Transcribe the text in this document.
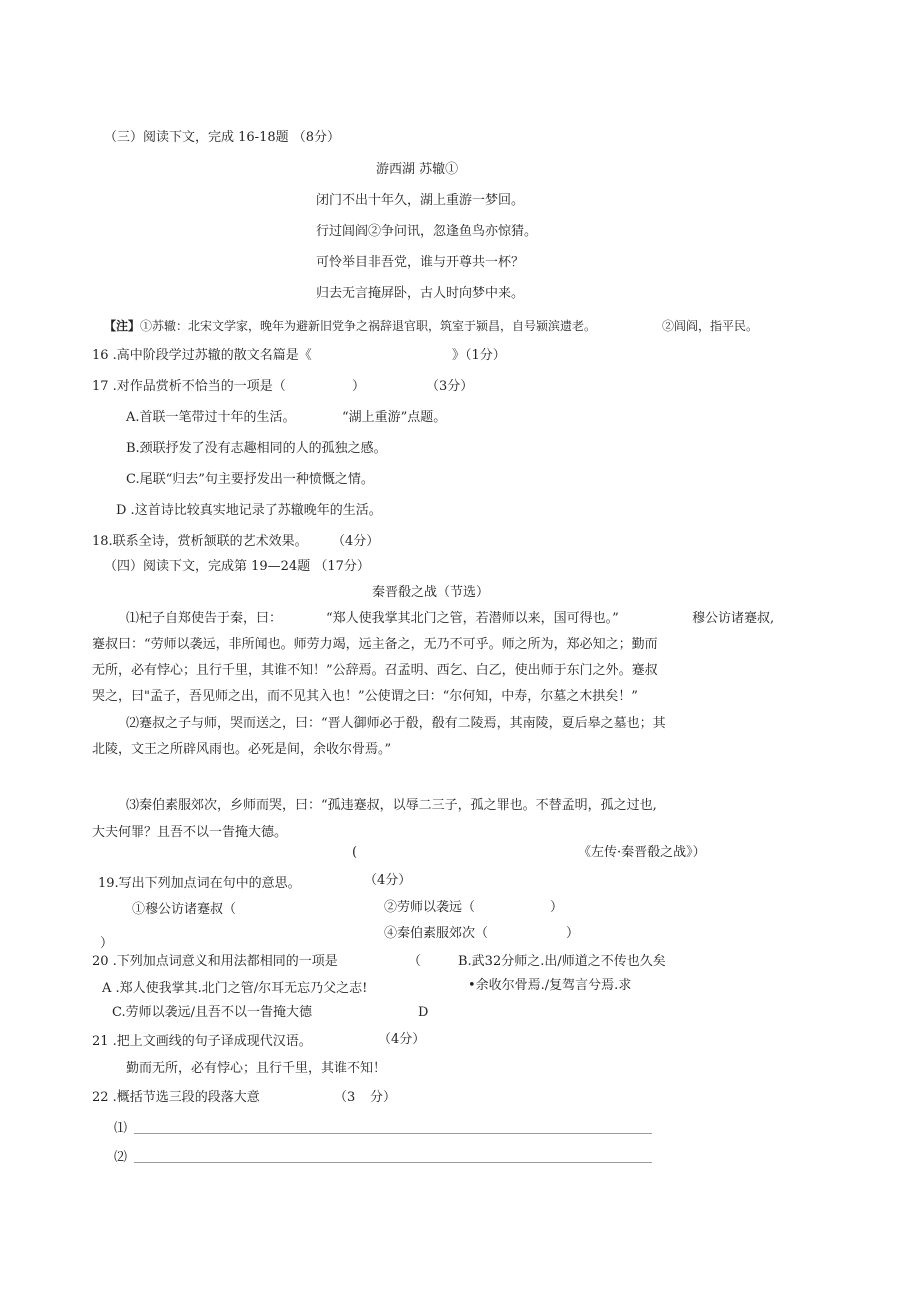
（三）阅读下文，完成 16-18题 （8分）
游西湖 苏辙①
闭门不出十年久，湖上重游一梦回。
行过闾阎②争问讯，忽逢鱼鸟亦惊猜。
可怜举目非吾党，谁与开尊共一杯？
归去无言掩屏卧，古人时向梦中来。
【注】①苏辙：北宋文学家，晚年为避新旧党争之祸辞退官职，筑室于颍昌，自号颍滨遗老。	②闾阎，指平民。
16 .高中阶段学过苏辙的散文名篇是《	》（1分）
17 .对作品赏析不恰当的一项是（	）	（3分）
A.首联一笔带过十年的生活。	“湖上重游”点题。
B.颈联抒发了没有志趣相同的人的孤独之感。
C.尾联“归去”句主要抒发出一种愤慨之情。
D .这首诗比较真实地记录了苏辙晚年的生活。
18.联系全诗，赏析颔联的艺术效果。 （4分）
（四）阅读下文，完成第 19—24题 （17分）
秦晋殽之战（节选）
⑴杞子自郑使告于秦，曰：	“郑人使我掌其北门之管，若潜师以来，国可得也。”	穆公访诸蹇叔,
蹇叔曰：“劳师以袭远，非所闻也。师劳力竭，远主备之，无乃不可乎。师之所为，郑必知之；勤而
无所，必有悖心；且行千里，其谁不知！”公辞焉。召孟明、西乞、白乙，使出师于东门之外。蹇叔
哭之，曰"孟子，吾见师之出，而不见其入也！”公使谓之曰：“尔何知，中寿，尔墓之木拱矣！”
⑵蹇叔之子与师，哭而送之，曰：“晋人御师必于殽，殽有二陵焉，其南陵，夏后皋之墓也；其
北陵，文王之所辟风雨也。必死是间，余收尔骨焉。”
⑶秦伯素服郊次，乡师而哭，曰：“孤违蹇叔，以辱二三子，孤之罪也。不替孟明，孤之过也,
大夫何罪？且吾不以一眚掩大德。
(	《左传·秦晋殽之战》）
19.写出下列加点词在句中的意思。	（4分）
①穆公访诸蹇叔（	②劳师以袭远（	）
④秦伯素服郊次（	）
）
20 .下列加点词意义和用法都相同的一项是	（	B.武32分师之.出/师道之不传也久矣
A .郑人使我掌其.北门之管/尔耳无忘乃父之志!	•余收尔骨焉./复驾言兮焉.求
C.劳师以袭远/且吾不以一眚掩大德	D
21 .把上文画线的句子译成现代汉语。	（4分）
勤而无所，必有悖心；且行千里，其谁不知！
22 .概括节选三段的段落大意	（3 分）
⑴
⑵
